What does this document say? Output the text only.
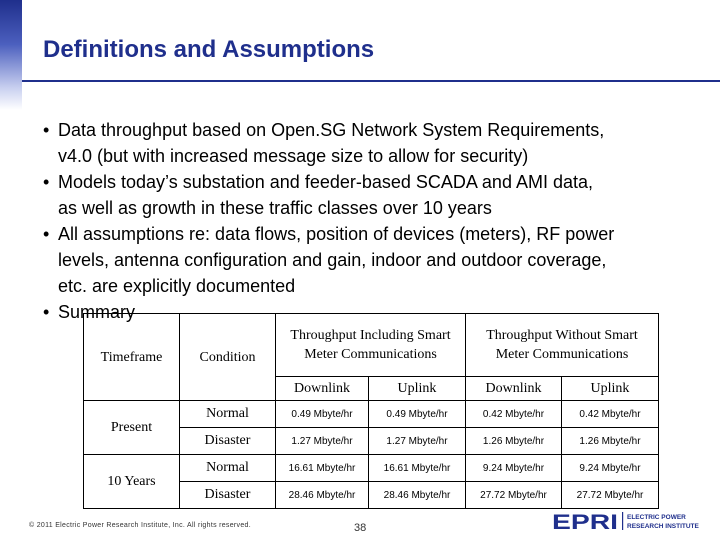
Definitions and Assumptions
• Data throughput based on Open.SG Network System Requirements,
v4.0 (but with increased message size to allow for security)
• Models today’s substation and feeder-based SCADA and AMI data,
as well as growth in these traffic classes over 10 years
• All assumptions re: data flows, position of devices (meters), RF power
levels, antenna configuration and gain, indoor and outdoor coverage,
etc. are explicitly documented
• Summary
Timeframe	Condition	Throughput Including Smart Meter Communications		Throughput Without Smart Meter Communications	
		Downlink	Uplink	Downlink	Uplink
Present	Normal	0.49 Mbyte/hr	0.49 Mbyte/hr	0.42 Mbyte/hr	0.42 Mbyte/hr
	Disaster	1.27 Mbyte/hr	1.27 Mbyte/hr	1.26 Mbyte/hr	1.26 Mbyte/hr
10 Years	Normal	16.61 Mbyte/hr	16.61 Mbyte/hr	9.24 Mbyte/hr	9.24 Mbyte/hr
	Disaster	28.46 Mbyte/hr	28.46 Mbyte/hr	27.72 Mbyte/hr	27.72 Mbyte/hr
© 2011 Electric Power Research Institute, Inc. All rights reserved.	38	EPRI ELECTRIC POWER
RESEARCH INSTITUTE
